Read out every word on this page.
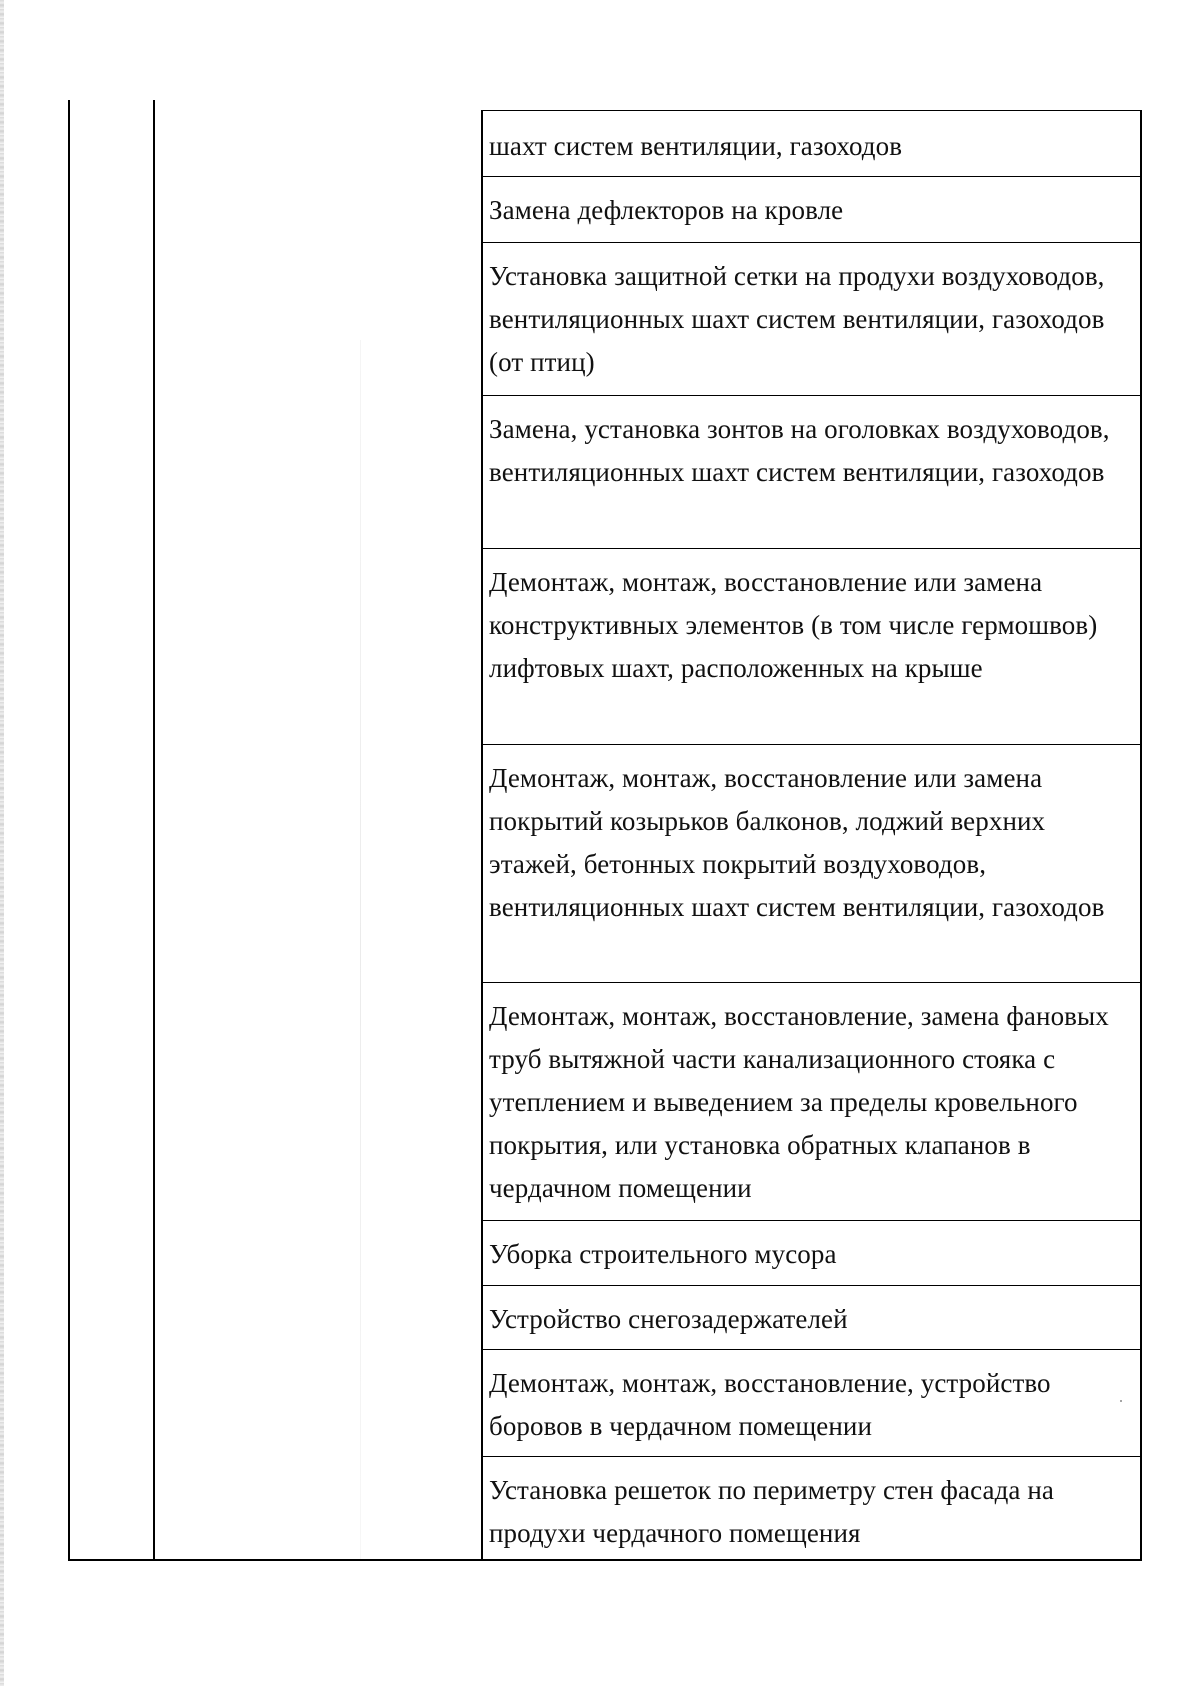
шахт систем вентиляции, газоходов
Замена дефлекторов на кровле
Установка защитной сетки на продухи воздуховодов, вентиляционных шахт систем вентиляции, газоходов (от птиц)
Замена, установка зонтов на оголовках воздуховодов, вентиляционных шахт систем вентиляции, газоходов
Демонтаж, монтаж, восстановление или замена конструктивных элементов (в том числе гермошвов) лифтовых шахт, расположенных на крыше
Демонтаж, монтаж, восстановление или замена покрытий козырьков балконов, лоджий верхних этажей, бетонных покрытий воздуховодов, вентиляционных шахт систем вентиляции, газоходов
Демонтаж, монтаж, восстановление, замена фановых труб вытяжной части канализационного стояка с утеплением и выведением за пределы кровельного покрытия, или установка обратных клапанов в чердачном помещении
Уборка строительного мусора
Устройство снегозадержателей
Демонтаж, монтаж, восстановление, устройство боровов в чердачном помещении
Установка решеток по периметру стен фасада на продухи чердачного помещения
